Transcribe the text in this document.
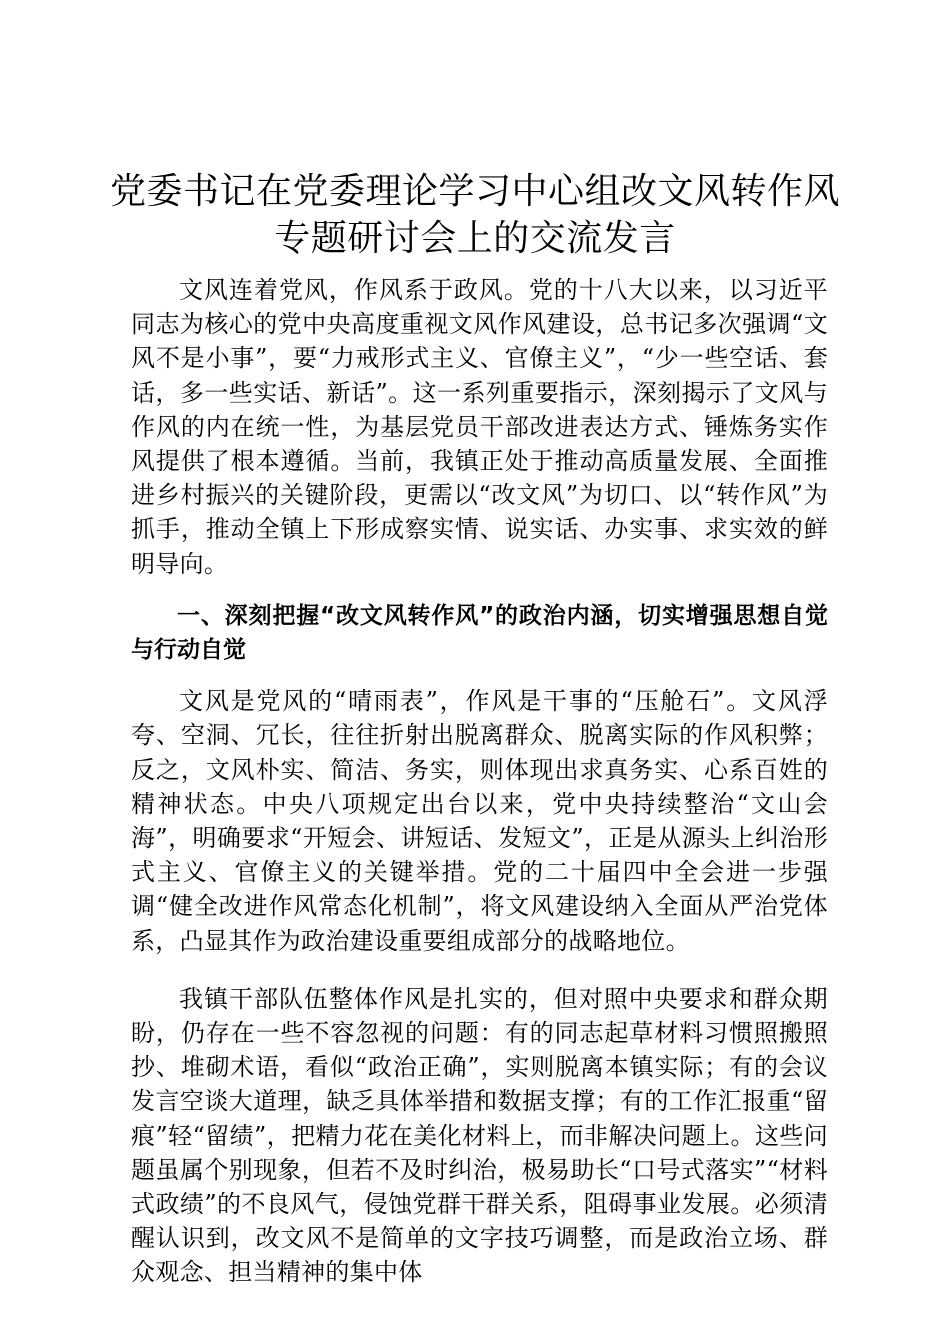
党委书记在党委理论学习中心组改文风转作风
专题研讨会上的交流发言

文风连着党风，作风系于政风。党的十八大以来，以习近平同志为核心的党中央高度重视文风作风建设，总书记多次强调“文风不是小事”，要“力戒形式主义、官僚主义”，“少一些空话、套话，多一些实话、新话”。这一系列重要指示，深刻揭示了文风与作风的内在统一性，为基层党员干部改进表达方式、锤炼务实作风提供了根本遵循。当前，我镇正处于推动高质量发展、全面推进乡村振兴的关键阶段，更需以“改文风”为切口、以“转作风”为抓手，推动全镇上下形成察实情、说实话、办实事、求实效的鲜明导向。

一、深刻把握“改文风转作风”的政治内涵，切实增强思想自觉与行动自觉

文风是党风的“晴雨表”，作风是干事的“压舱石”。文风浮夸、空洞、冗长，往往折射出脱离群众、脱离实际的作风积弊；反之，文风朴实、简洁、务实，则体现出求真务实、心系百姓的精神状态。中央八项规定出台以来，党中央持续整治“文山会海”，明确要求“开短会、讲短话、发短文”，正是从源头上纠治形式主义、官僚主义的关键举措。党的二十届四中全会进一步强调“健全改进作风常态化机制”，将文风建设纳入全面从严治党体系，凸显其作为政治建设重要组成部分的战略地位。

我镇干部队伍整体作风是扎实的，但对照中央要求和群众期盼，仍存在一些不容忽视的问题：有的同志起草材料习惯照搬照抄、堆砌术语，看似“政治正确”，实则脱离本镇实际；有的会议发言空谈大道理，缺乏具体举措和数据支撑；有的工作汇报重“留痕”轻“留绩”，把精力花在美化材料上，而非解决问题上。这些问题虽属个别现象，但若不及时纠治，极易助长“口号式落实”“材料式政绩”的不良风气，侵蚀党群干群关系，阻碍事业发展。必须清醒认识到，改文风不是简单的文字技巧调整，而是政治立场、群众观念、担当精神的集中体
